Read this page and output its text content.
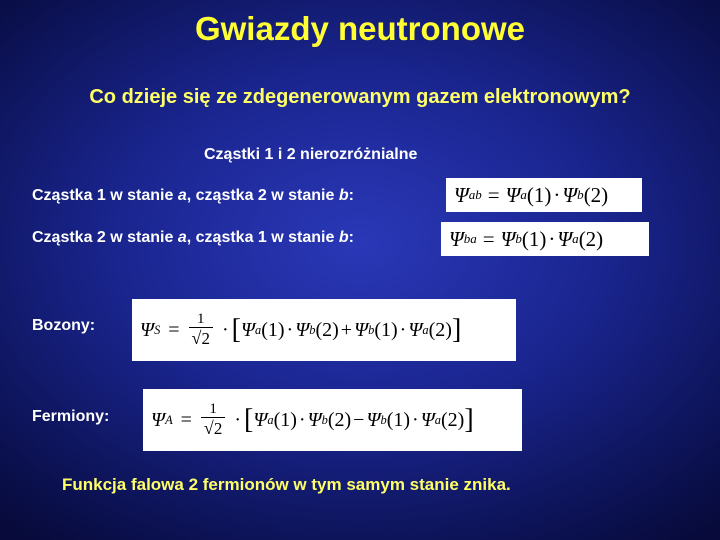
Gwiazdy neutronowe
Co dzieje się ze zdegenerowanym gazem elektronowym?
Cząstki 1 i 2 nierozróżnialne
Cząstka 1 w stanie a, cząstka 2 w stanie b:	Ψ ab = Ψ a (1) · Ψ b (2)
Cząstka 2 w stanie a, cząstka 1 w stanie b:	Ψ ba = Ψ b (1) · Ψ a (2)
Bozony: Ψ $S = \frac{1}{√2}$ · [ Ψ a (1) · Ψ b (2) + Ψ b (1) · Ψ a (2) ]
Fermiony: Ψ $A = \frac{1}{√2}$ · [ Ψ a (1) · Ψ b (2) − Ψ b (1) · Ψ a (2) ]
Funkcja falowa 2 fermionów w tym samym stanie znika.
